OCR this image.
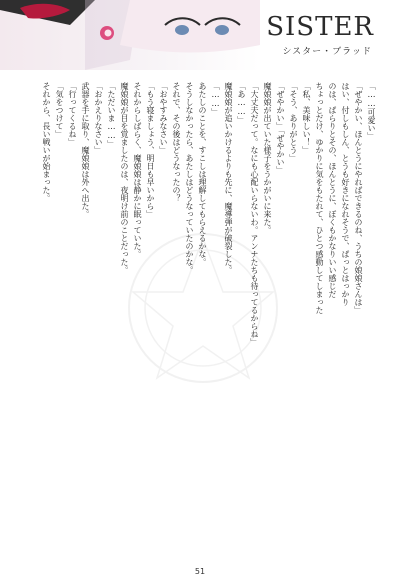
SISTER
シスター・ブラッド
「……可愛い」
「ぜやかい、ほんとうにやればできるのね、うちの娘娘さんは」
はい、付しもしん、とうも好きになれそうで、ぱっとはっかり
のは、ぱらりとその、ほんとうに、ぼくもかなりいい感じだ
ちょっとだけ、ゆかりに気をもたれて、ひとつ感動してしまった
「私、美味しい！」
「そう、ありがとう」
「ぜやかい」「ぜやかい」
魔娘娘が出ていた様子をうかがいに来た。
「大丈夫だって。なにも心配いらないわ。アンナたちも待ってるからね」
「あ……」
魔娘娘が追いかけるよりも先に、魔導弾が破裂した。
「……」
あたしのことを、すこしは理解してもらえるかな。
そうしなかったら、あたしはどうなっていたのかな。
それで、その後はどうなったの？
「おやすみなさい」
「もう寝ましょう、明日も早いから」
それからしばらく、魔娘娘は静かに眠っていた。
魔娘娘が目を覚ましたのは、夜明け前のことだった。
「ただいま……」
「おかえりなさい」
武器を手に取り、魔娘娘は外へ出た。
「行ってくるね」
「気をつけて」
それから、長い戦いが始まった。
51
